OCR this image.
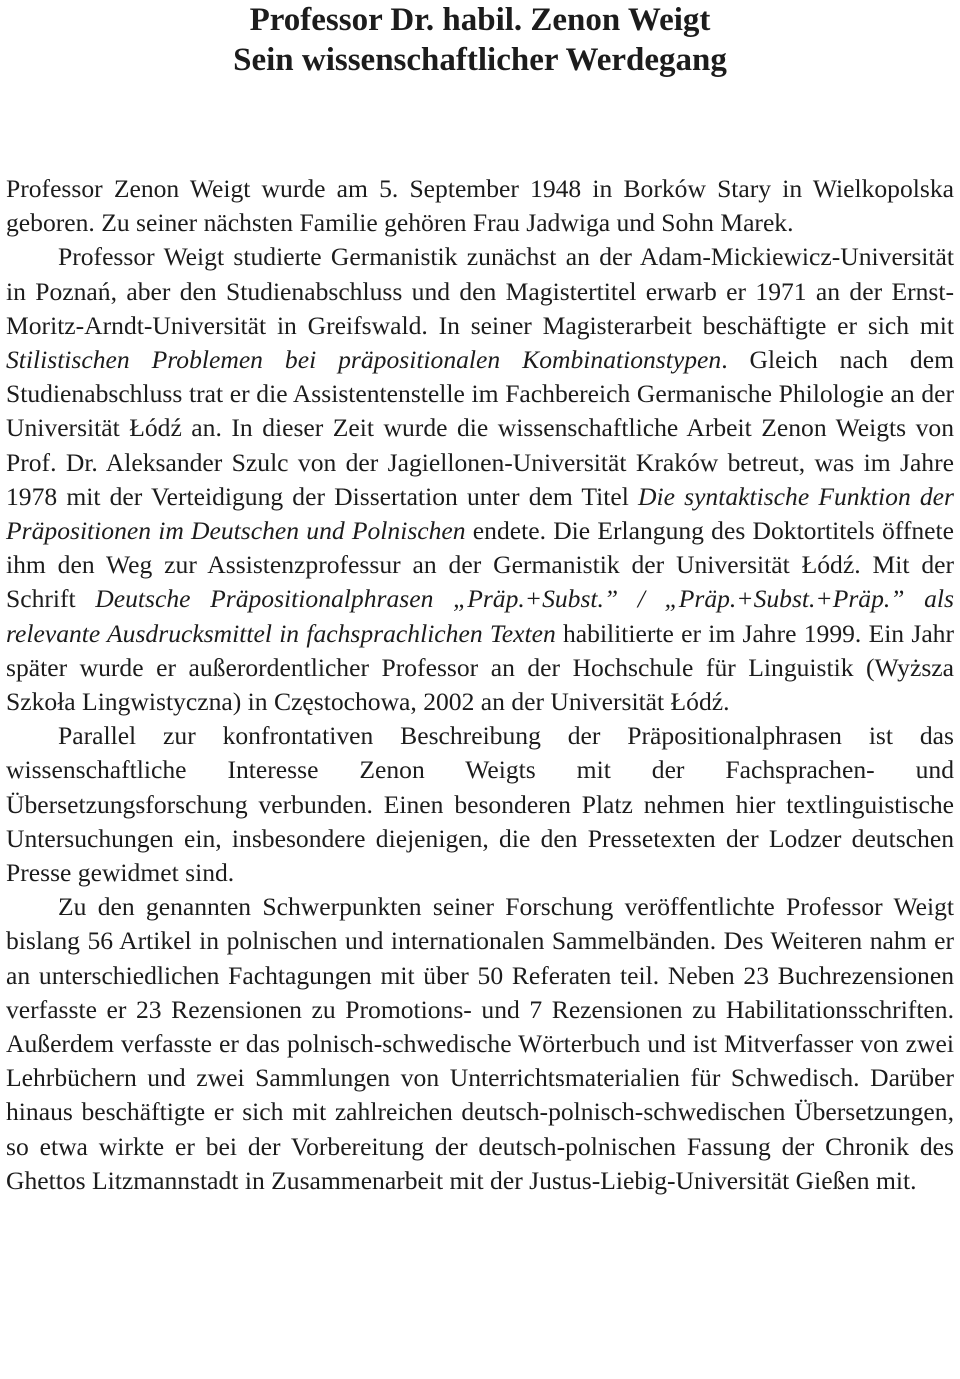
Professor Dr. habil. Zenon Weigt

Sein wissenschaftlicher Werdegang

Professor Zenon Weigt wurde am 5. September 1948 in Borków Stary in Wielkopolska geboren. Zu seiner nächsten Familie gehören Frau Jadwiga und Sohn Marek.

Professor Weigt studierte Germanistik zunächst an der Adam-Mickiewicz-Universität in Poznań, aber den Studienabschluss und den Magistertitel erwarb er 1971 an der Ernst-Moritz-Arndt-Universität in Greifswald. In seiner Magisterarbeit beschäftigte er sich mit Stilistischen Problemen bei präpositionalen Kombinationstypen. Gleich nach dem Studienabschluss trat er die Assistentenstelle im Fachbereich Germanische Philologie an der Universität Łódź an. In dieser Zeit wurde die wissenschaftliche Arbeit Zenon Weigts von Prof. Dr. Aleksander Szulc von der Jagiellonen-Universität Kraków betreut, was im Jahre 1978 mit der Verteidigung der Dissertation unter dem Titel Die syntaktische Funktion der Präpositionen im Deutschen und Polnischen endete. Die Erlangung des Doktortitels öffnete ihm den Weg zur Assistenzprofessur an der Germanistik der Universität Łódź. Mit der Schrift Deutsche Präpositionalphrasen „Präp.+Subst.” / „Präp.+Subst.+Präp.” als relevante Ausdrucksmittel in fachsprachlichen Texten habilitierte er im Jahre 1999. Ein Jahr später wurde er außerordentlicher Professor an der Hochschule für Linguistik (Wyższa Szkoła Lingwistyczna) in Częstochowa, 2002 an der Universität Łódź.

Parallel zur konfrontativen Beschreibung der Präpositionalphrasen ist das wissenschaftliche Interesse Zenon Weigts mit der Fachsprachen- und Übersetzungsforschung verbunden. Einen besonderen Platz nehmen hier textlinguistische Untersuchungen ein, insbesondere diejenigen, die den Pressetexten der Lodzer deutschen Presse gewidmet sind.

Zu den genannten Schwerpunkten seiner Forschung veröffentlichte Professor Weigt bislang 56 Artikel in polnischen und internationalen Sammelbänden. Des Weiteren nahm er an unterschiedlichen Fachtagungen mit über 50 Referaten teil. Neben 23 Buchrezensionen verfasste er 23 Rezensionen zu Promotions- und 7 Rezensionen zu Habilitationsschriften. Außerdem verfasste er das polnisch-schwedische Wörterbuch und ist Mitverfasser von zwei Lehrbüchern und zwei Sammlungen von Unterrichtsmaterialien für Schwedisch. Darüber hinaus beschäftigte er sich mit zahlreichen deutsch-polnisch-schwedischen Übersetzungen, so etwa wirkte er bei der Vorbereitung der deutsch-polnischen Fassung der Chronik des Ghettos Litzmannstadt in Zusammenarbeit mit der Justus-Liebig-Universität Gießen mit.
